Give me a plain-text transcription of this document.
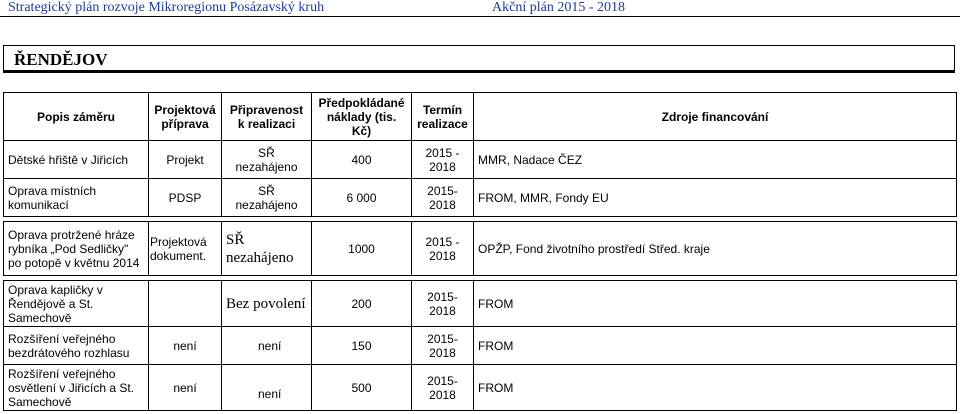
Strategický plán rozvoje Mikroregionu Posázavský kruh	Akční plán 2015 - 2018
ŘENDĚJOV
Popis záměru	Projektová příprava	Připravenost k realizaci	Předpokládané náklady (tis. Kč)	Termín realizace	Zdroje financování
Dětské hřiště v Jiřicích	Projekt	SŘ nezahájeno	400	2015 - 2018	MMR, Nadace ČEZ
Oprava místních komunikací	PDSP	SŘ nezahájeno	6 000	2015- 2018	FROM, MMR, Fondy EU

Oprava protržené hráze rybníka „Pod Sedličky" po potopě v květnu 2014	Projektová dokument.	SŘ nezahájeno	1000	2015 - 2018	OPŽP, Fond životního prostředí Střed. kraje

Oprava kapličky v Řendějově a St. Samechově		Bez povolení	200	2015- 2018	FROM
Rozšíření veřejného bezdrátového rozhlasu	není	není	150	2015- 2018	FROM
Rozšíření veřejného osvětlení v Jiřicích a St. Samechově	není	není	500	2015- 2018	FROM
